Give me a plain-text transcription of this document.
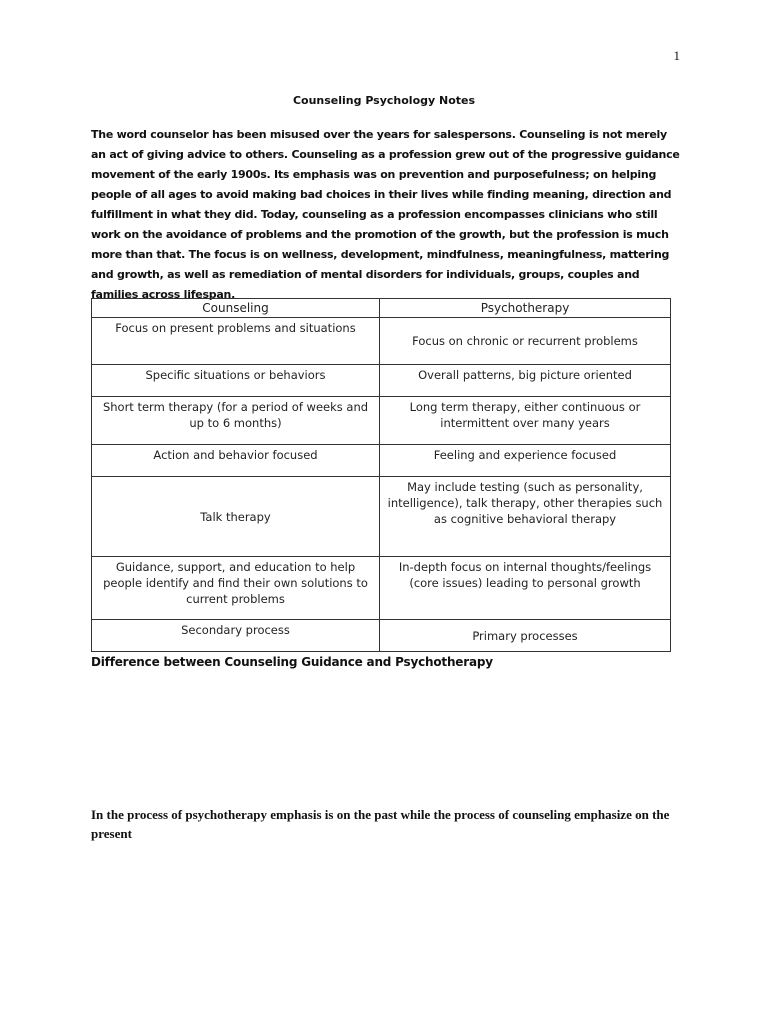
1
Counseling Psychology Notes

The word counselor has been misused over the years for salespersons. Counseling is not merely an act of giving advice to others. Counseling as a profession grew out of the progressive guidance movement of the early 1900s. Its emphasis was on prevention and purposefulness; on helping people of all ages to avoid making bad choices in their lives while finding meaning, direction and fulfillment in what they did. Today, counseling as a profession encompasses clinicians who still work on the avoidance of problems and the promotion of the growth, but the profession is much more than that. The focus is on wellness, development, mindfulness, meaningfulness, mattering and growth, as well as remediation of mental disorders for individuals, groups, couples and families across lifespan.

Counseling	Psychotherapy
Focus on present problems and situations	Focus on chronic or recurrent problems
Specific situations or behaviors	Overall patterns, big picture oriented
Short term therapy (for a period of weeks and up to 6 months)	Long term therapy, either continuous or intermittent over many years
Action and behavior focused	Feeling and experience focused
Talk therapy	May include testing (such as personality, intelligence), talk therapy, other therapies such as cognitive behavioral therapy
Guidance, support, and education to help people identify and find their own solutions to current problems	In-depth focus on internal thoughts/feelings (core issues) leading to personal growth
Secondary process	Primary processes
Difference between Counseling Guidance and Psychotherapy

In the process of psychotherapy emphasis is on the past while the process of counseling emphasize on the present
